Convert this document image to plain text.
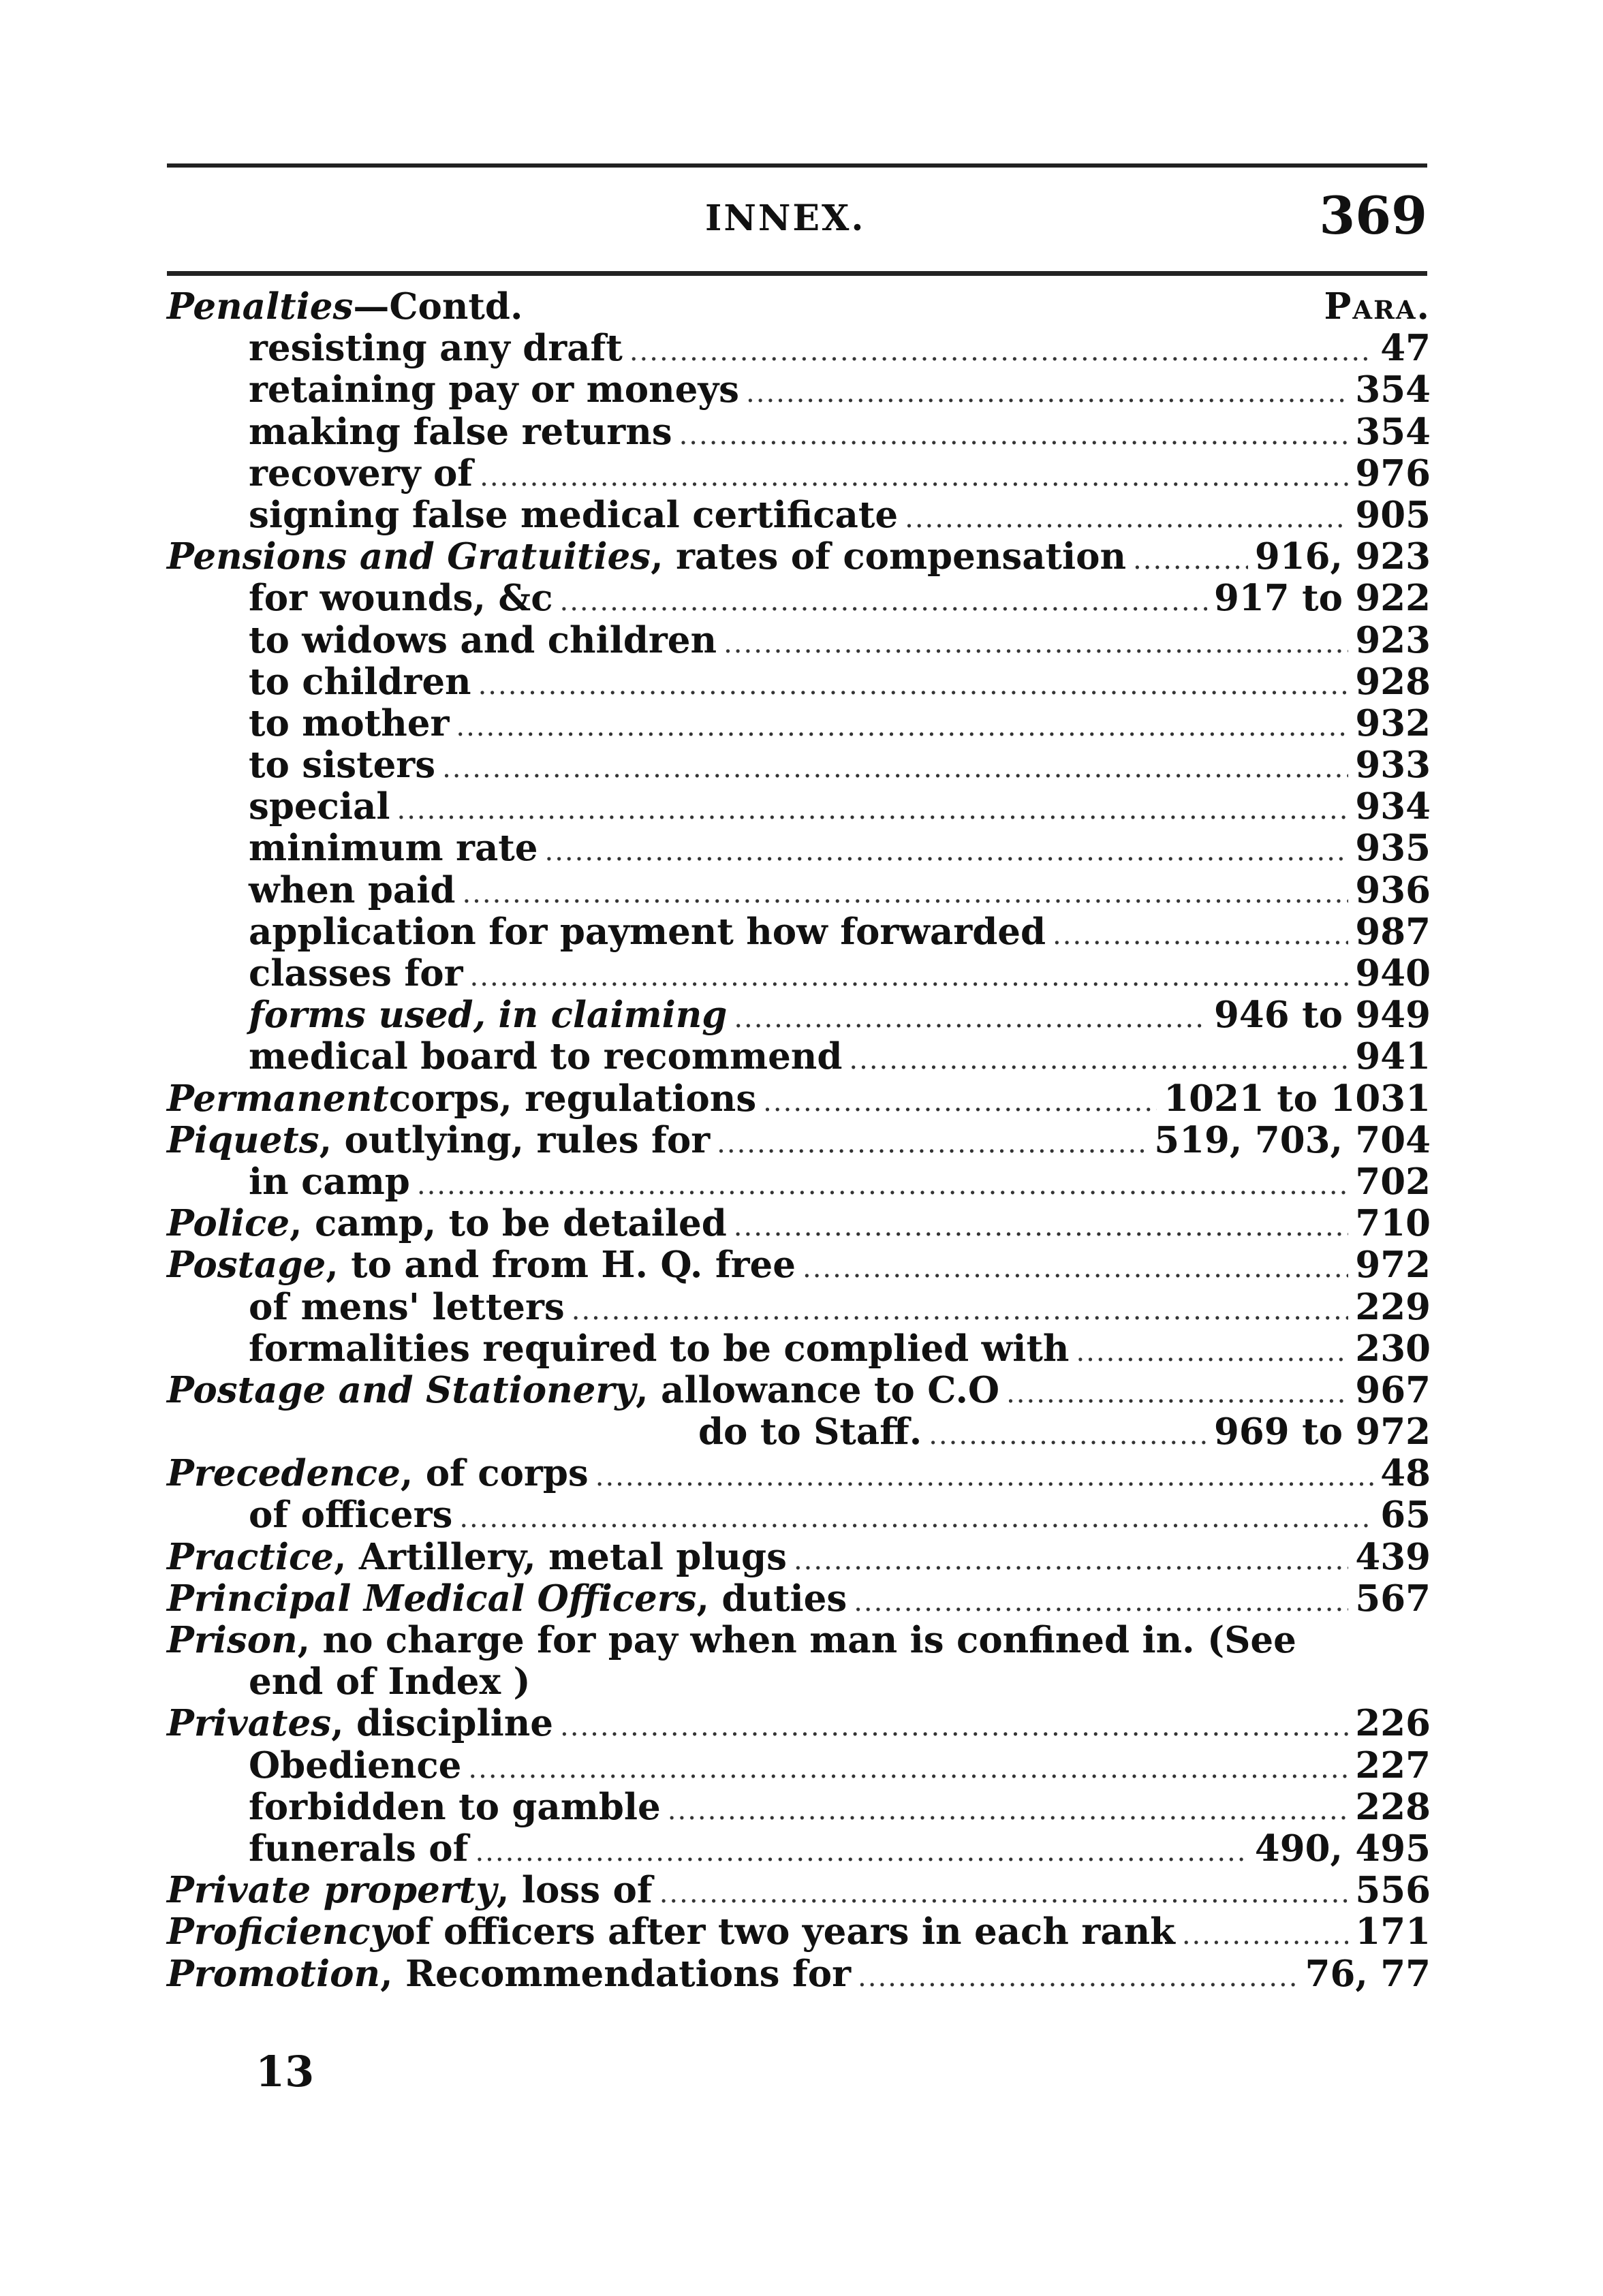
INNEX.	369
Penalties —Contd.	Para.
resisting any draft .....	47
retaining pay or moneys .....	354
making false returns .....	354
recovery of .....	976
signing false medical certificate .....	905
Pensions and Gratuities , rates of compensation .....	916, 923
for wounds, &c .....	917 to 922
to widows and children .....	923
to children .....	928
to mother .....	932
to sisters .....	933
special .....	934
minimum rate .....	935
when paid .....	936
application for payment how forwarded .....	987
classes for .....	940
forms used, in claiming .....	946 to 949
medical board to recommend .....	941
Permanent corps, regulations .....	1021 to 1031
Piquets , outlying, rules for .....	519, 703, 704
in camp .....	702
Police , camp, to be detailed .....	710
Postage , to and from H. Q. free .....	972
of mens' letters .....	229
formalities required to be complied with .....	230
Postage and Stationery , allowance to C.O .....	967
do to Staff. .....	969 to 972
Precedence , of corps .....	48
of officers .....	65
Practice , Artillery, metal plugs .....	439
Principal Medical Officers , duties .....	567
Prison , no charge for pay when man is confined in. (See
end of Index )
Privates , discipline .....	226
Obedience .....	227
forbidden to gamble .....	228
funerals of .....	490, 495
Private property , loss of .....	556
Proficiency of officers after two years in each rank .....	171
Promotion , Recommendations for .....	76, 77
13
